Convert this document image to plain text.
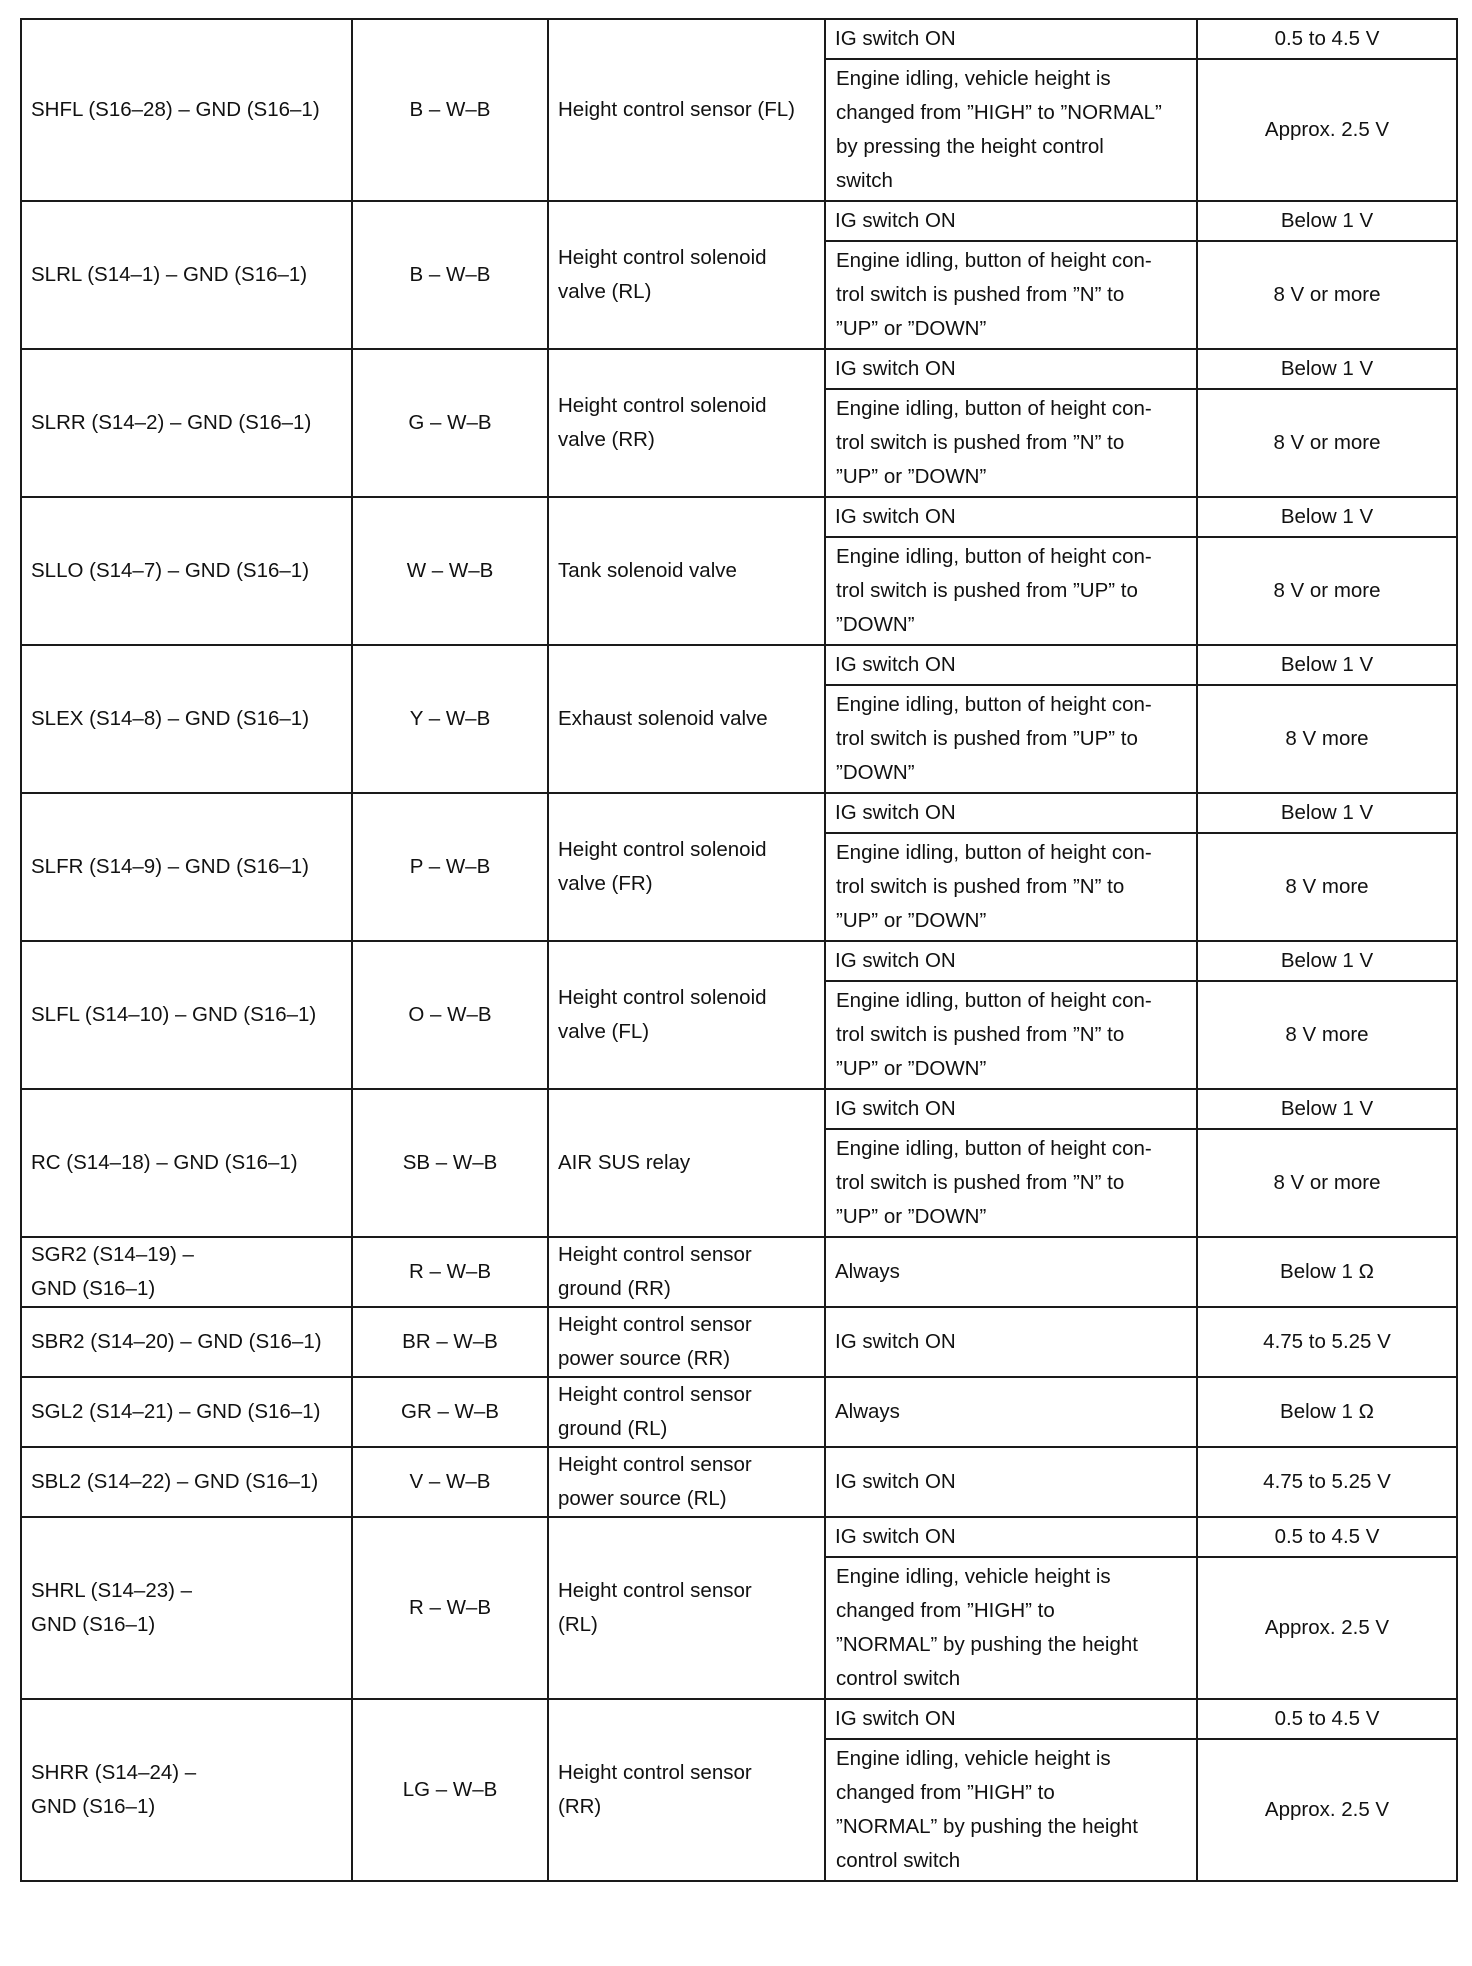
SHFL (S16–28) – GND (S16–1)	B – W–B	Height control sensor (FL)	IG switch ON	0.5 to 4.5 V
			Engine idling, vehicle height is
changed from ”HIGH” to ”NORMAL”
by pressing the height control
switch	Approx. 2.5 V
SLRL (S14–1) – GND (S16–1)	B – W–B	Height control solenoid
valve (RL)	IG switch ON	Below 1 V
			Engine idling, button of height con-
trol switch is pushed from ”N” to
”UP” or ”DOWN”	8 V or more
SLRR (S14–2) – GND (S16–1)	G – W–B	Height control solenoid
valve (RR)	IG switch ON	Below 1 V
			Engine idling, button of height con-
trol switch is pushed from ”N” to
”UP” or ”DOWN”	8 V or more
SLLO (S14–7) – GND (S16–1)	W – W–B	Tank solenoid valve	IG switch ON	Below 1 V
			Engine idling, button of height con-
trol switch is pushed from ”UP” to
”DOWN”	8 V or more
SLEX (S14–8) – GND (S16–1)	Y – W–B	Exhaust solenoid valve	IG switch ON	Below 1 V
			Engine idling, button of height con-
trol switch is pushed from ”UP” to
”DOWN”	8 V more
SLFR (S14–9) – GND (S16–1)	P – W–B	Height control solenoid
valve (FR)	IG switch ON	Below 1 V
			Engine idling, button of height con-
trol switch is pushed from ”N” to
”UP” or ”DOWN”	8 V more
SLFL (S14–10) – GND (S16–1)	O – W–B	Height control solenoid
valve (FL)	IG switch ON	Below 1 V
			Engine idling, button of height con-
trol switch is pushed from ”N” to
”UP” or ”DOWN”	8 V more
RC (S14–18) – GND (S16–1)	SB – W–B	AIR SUS relay	IG switch ON	Below 1 V
			Engine idling, button of height con-
trol switch is pushed from ”N” to
”UP” or ”DOWN”	8 V or more
SGR2 (S14–19) –
GND (S16–1)	R – W–B	Height control sensor
ground (RR)	Always	Below 1 Ω
SBR2 (S14–20) – GND (S16–1)	BR – W–B	Height control sensor
power source (RR)	IG switch ON	4.75 to 5.25 V
SGL2 (S14–21) – GND (S16–1)	GR – W–B	Height control sensor
ground (RL)	Always	Below 1 Ω
SBL2 (S14–22) – GND (S16–1)	V – W–B	Height control sensor
power source (RL)	IG switch ON	4.75 to 5.25 V
SHRL (S14–23) –
GND (S16–1)	R – W–B	Height control sensor
(RL)	IG switch ON	0.5 to 4.5 V
			Engine idling, vehicle height is
changed from ”HIGH” to
”NORMAL” by pushing the height
control switch	Approx. 2.5 V
SHRR (S14–24) –
GND (S16–1)	LG – W–B	Height control sensor
(RR)	IG switch ON	0.5 to 4.5 V
			Engine idling, vehicle height is
changed from ”HIGH” to
”NORMAL” by pushing the height
control switch	Approx. 2.5 V
